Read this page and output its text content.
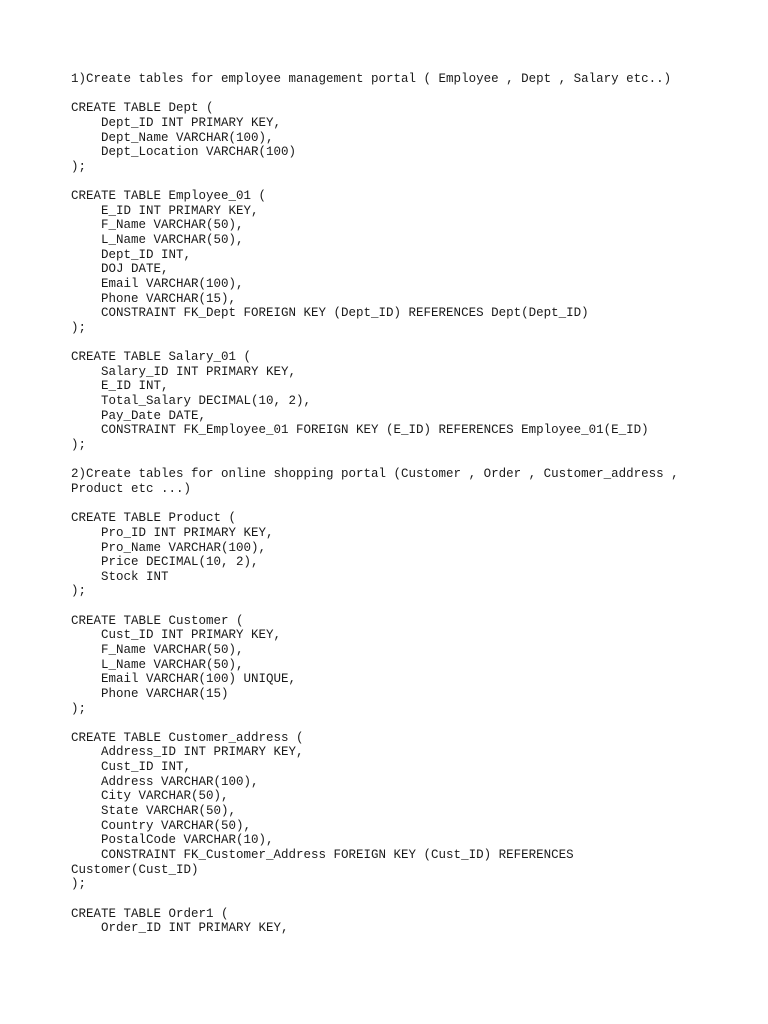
1)Create tables for employee management portal ( Employee , Dept , Salary etc..)
CREATE TABLE Dept (
Dept_ID INT PRIMARY KEY,
Dept_Name VARCHAR(100),
Dept_Location VARCHAR(100)
);
CREATE TABLE Employee_01 (
E_ID INT PRIMARY KEY,
F_Name VARCHAR(50),
L_Name VARCHAR(50),
Dept_ID INT,
DOJ DATE,
Email VARCHAR(100),
Phone VARCHAR(15),
CONSTRAINT FK_Dept FOREIGN KEY (Dept_ID) REFERENCES Dept(Dept_ID)
);
CREATE TABLE Salary_01 (
Salary_ID INT PRIMARY KEY,
E_ID INT,
Total_Salary DECIMAL(10, 2),
Pay_Date DATE,
CONSTRAINT FK_Employee_01 FOREIGN KEY (E_ID) REFERENCES Employee_01(E_ID)
);
2)Create tables for online shopping portal (Customer , Order , Customer_address ,
Product etc ...)
CREATE TABLE Product (
Pro_ID INT PRIMARY KEY,
Pro_Name VARCHAR(100),
Price DECIMAL(10, 2),
Stock INT
);
CREATE TABLE Customer (
Cust_ID INT PRIMARY KEY,
F_Name VARCHAR(50),
L_Name VARCHAR(50),
Email VARCHAR(100) UNIQUE,
Phone VARCHAR(15)
);
CREATE TABLE Customer_address (
Address_ID INT PRIMARY KEY,
Cust_ID INT,
Address VARCHAR(100),
City VARCHAR(50),
State VARCHAR(50),
Country VARCHAR(50),
PostalCode VARCHAR(10),
CONSTRAINT FK_Customer_Address FOREIGN KEY (Cust_ID) REFERENCES
Customer(Cust_ID)
);
CREATE TABLE Order1 (
Order_ID INT PRIMARY KEY,
